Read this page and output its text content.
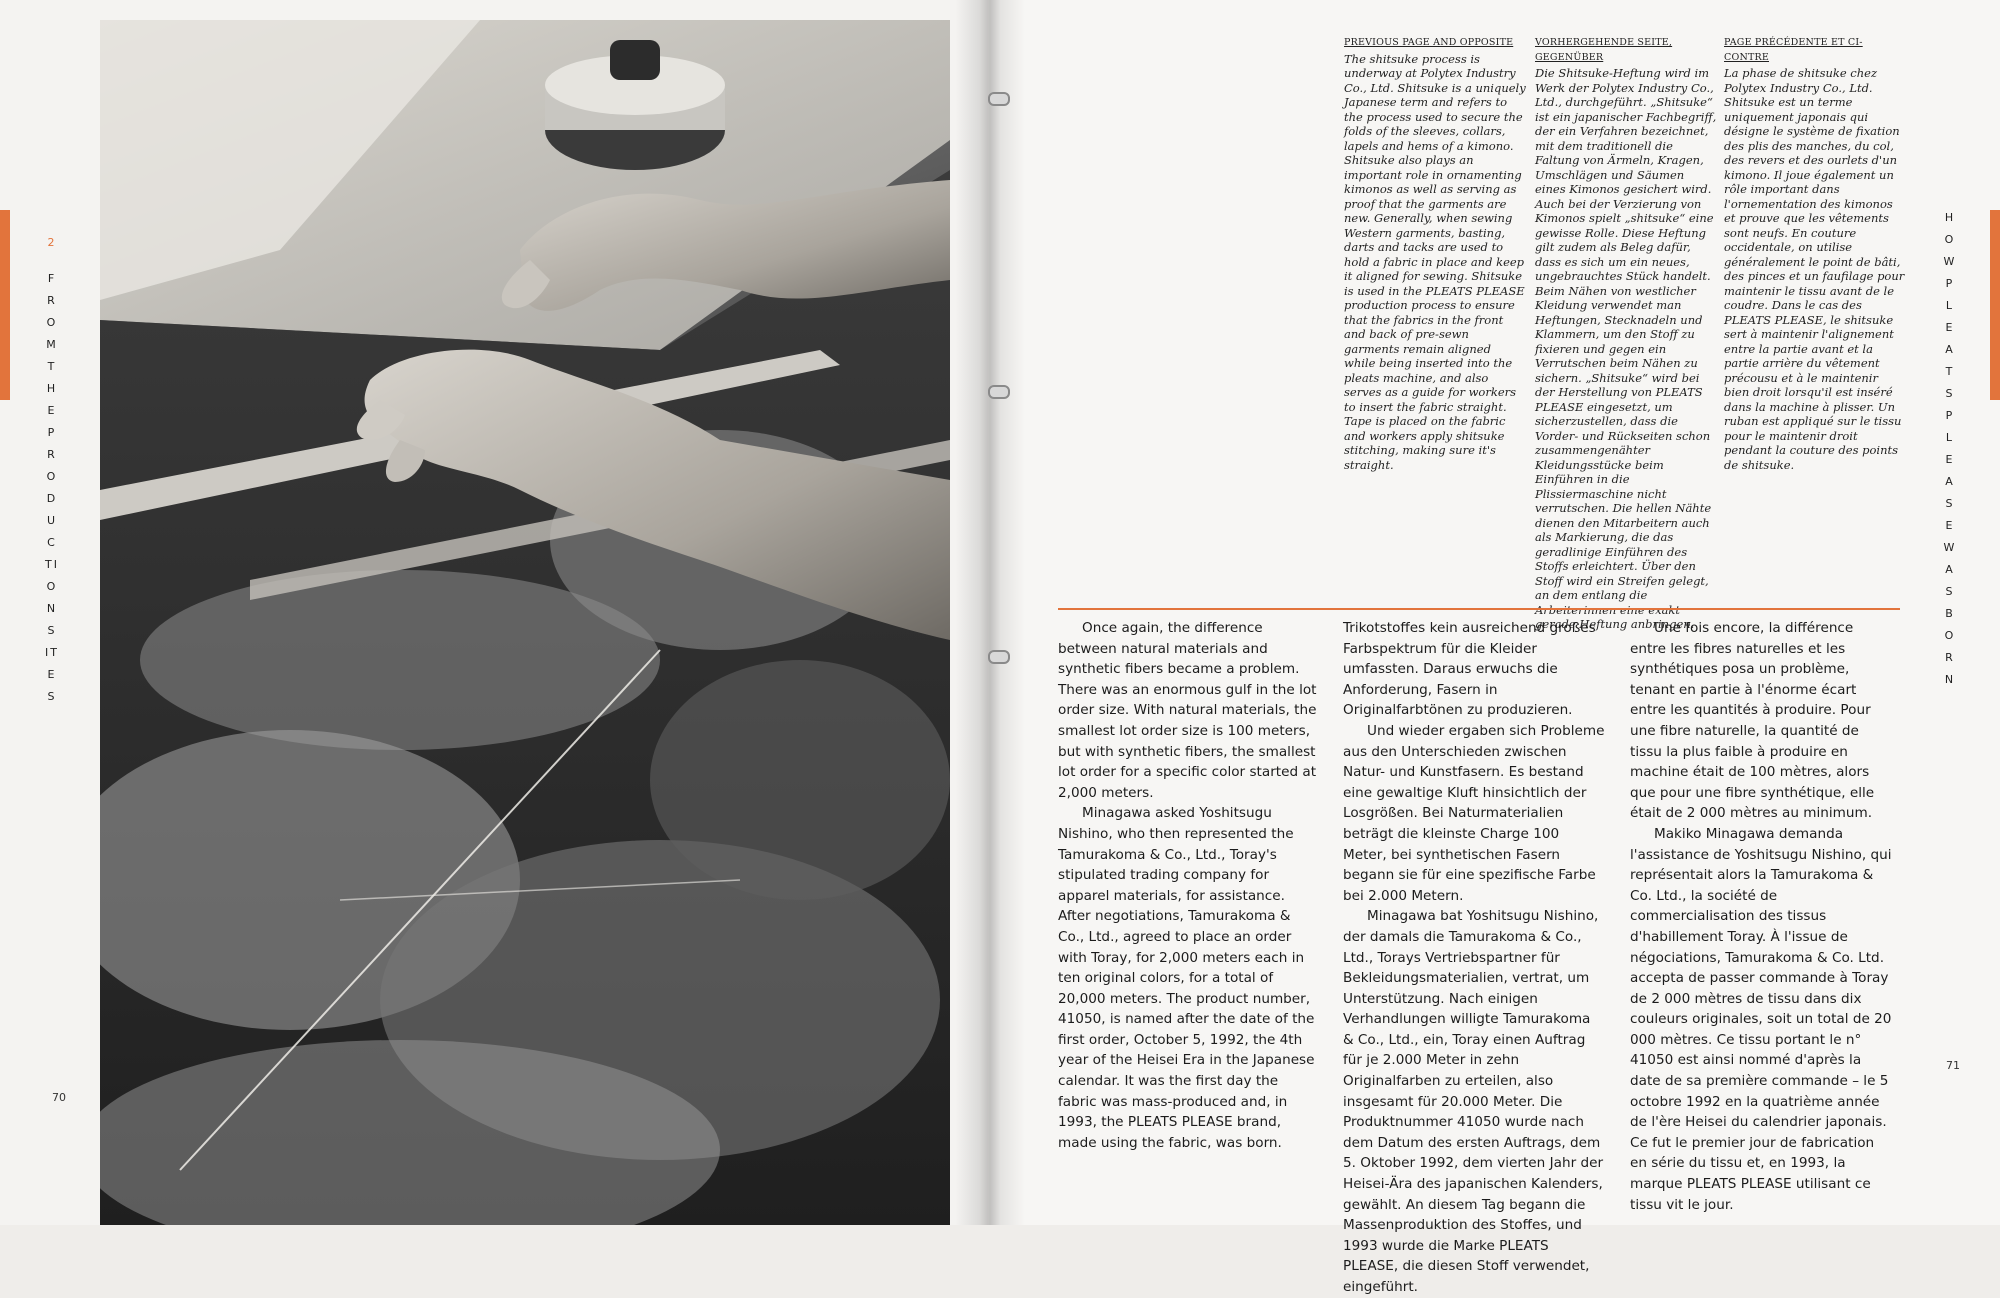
2
FROM THE PRODUCTION SITES
70
HOW PLEATS PLEASE WAS BORN
71
PREVIOUS PAGE AND OPPOSITE
The shitsuke process is underway at Polytex Industry Co., Ltd. Shitsuke is a uniquely Japanese term and refers to the process used to secure the folds of the sleeves, collars, lapels and hems of a kimono. Shitsuke also plays an important role in ornamenting kimonos as well as serving as proof that the garments are new. Generally, when sewing Western garments, basting, darts and tacks are used to hold a fabric in place and keep it aligned for sewing. Shitsuke is used in the PLEATS PLEASE production process to ensure that the fabrics in the front and back of pre-sewn garments remain aligned while being inserted into the pleats machine, and also serves as a guide for workers to insert the fabric straight. Tape is placed on the fabric and workers apply shitsuke stitching, making sure it's straight.
VORHERGEHENDE SEITE, GEGENÜBER
Die Shitsuke-Heftung wird im Werk der Polytex Industry Co., Ltd., durchgeführt. „Shitsuke“ ist ein japanischer Fachbegriff, der ein Verfahren bezeichnet, mit dem traditionell die Faltung von Ärmeln, Kragen, Umschlägen und Säumen eines Kimonos gesichert wird. Auch bei der Verzierung von Kimonos spielt „shitsuke“ eine gewisse Rolle. Diese Heftung gilt zudem als Beleg dafür, dass es sich um ein neues, ungebrauchtes Stück handelt. Beim Nähen von westlicher Kleidung verwendet man Heftungen, Stecknadeln und Klammern, um den Stoff zu fixieren und gegen ein Verrutschen beim Nähen zu sichern. „Shitsuke“ wird bei der Herstellung von PLEATS PLEASE eingesetzt, um sicherzustellen, dass die Vorder- und Rückseiten schon zusammengenähter Kleidungsstücke beim Einführen in die Plissiermaschine nicht verrutschen. Die hellen Nähte dienen den Mitarbeitern auch als Markierung, die das geradlinige Einführen des Stoffs erleichtert. Über den Stoff wird ein Streifen gelegt, an dem entlang die gerade Heftung anbringen.
PAGE PRÉCÉDENTE ET CI-CONTRE
La phase de shitsuke chez Polytex Industry Co., Ltd. Shitsuke est un terme uniquement japonais qui désigne le système de fixation des plis des manches, du col, des revers et des ourlets d'un kimono. Il joue également un rôle important dans l'ornementation des kimonos et prouve que les vêtements sont neufs. En couture occidentale, on utilise généralement le point de bâti, des pinces et un faufilage pour maintenir le tissu avant de le coudre. Dans le cas des PLEATS PLEASE, le shitsuke sert à maintenir l'alignement entre la partie avant et la partie arrière du vêtement précousu et à le maintenir bien droit lorsqu'il est inséré dans la machine à plisser. Un ruban est appliqué sur le tissu pour le maintenir droit pendant la couture des points de shitsuke.

Once again, the difference between natural materials and synthetic fibers became a problem. There was an enormous gulf in the lot order size. With natural materials, the smallest lot order size is 100 meters, but with synthetic fibers, the smallest lot order for a specific color started at 2,000 meters.

Minagawa asked Yoshitsugu Nishino, who then represented the Tamurakoma & Co., Ltd., Toray's stipulated trading company for apparel materials, for assistance. After negotiations, Tamurakoma & Co., Ltd., agreed to place an order with Toray, for 2,000 meters each in ten original colors, for a total of 20,000 meters. The product number, 41050, is named after the date of the first order, October 5, 1992, the 4th year of the Heisei Era in the Japanese calendar. It was the first day the fabric was mass-produced and, in 1993, the PLEATS PLEASE brand, made using the fabric, was born.

Trikotstoffes kein ausreichend großes Farbspektrum für die Kleider umfassten. Daraus erwuchs die Anforderung, Fasern in Originalfarbtönen zu produzieren.

Und wieder ergaben sich Probleme aus den Unterschieden zwischen Natur- und Kunstfasern. Es bestand eine gewaltige Kluft hinsichtlich der Losgrößen. Bei Naturmaterialien beträgt die kleinste Charge 100 Meter, bei synthetischen Fasern begann sie für eine spezifische Farbe bei 2.000 Metern.

Minagawa bat Yoshitsugu Nishino, der damals die Tamurakoma & Co., Ltd., Torays Vertriebspartner für Bekleidungsmaterialien, vertrat, um Unterstützung. Nach einigen Verhandlungen willigte Tamurakoma & Co., Ltd., ein, Toray einen Auftrag für je 2.000 Meter in zehn Originalfarben zu erteilen, also insgesamt für 20.000 Meter. Die Produktnummer 41050 wurde nach dem Datum des ersten Auftrags, dem 5. Oktober 1992, dem vierten Jahr der Heisei-Ära des japanischen Kalenders, gewählt. An diesem Tag begann die Massenproduktion des Stoffes, und 1993 wurde die Marke PLEATS PLEASE, die diesen Stoff verwendet, eingeführt.

Une fois encore, la différence entre les fibres naturelles et les synthétiques posa un problème, tenant en partie à l'énorme écart entre les quantités à produire. Pour une fibre naturelle, la quantité de tissu la plus faible à produire en machine était de 100 mètres, alors que pour une fibre synthétique, elle était de 2 000 mètres au minimum.

Makiko Minagawa demanda l'assistance de Yoshitsugu Nishino, qui représentait alors la Tamurakoma & Co. Ltd., la société de commercialisation des tissus d'habillement Toray. À l'issue de négociations, Tamurakoma & Co. Ltd. accepta de passer commande à Toray de 2 000 mètres de tissu dans dix couleurs originales, soit un total de 20 000 mètres. Ce tissu portant le n° 41050 est ainsi nommé d'après la date de sa première commande – le 5 octobre 1992 en la quatrième année de l'ère Heisei du calendrier japonais. Ce fut le premier jour de fabrication en série du tissu et, en 1993, la marque PLEATS PLEASE utilisant ce tissu vit le jour.
